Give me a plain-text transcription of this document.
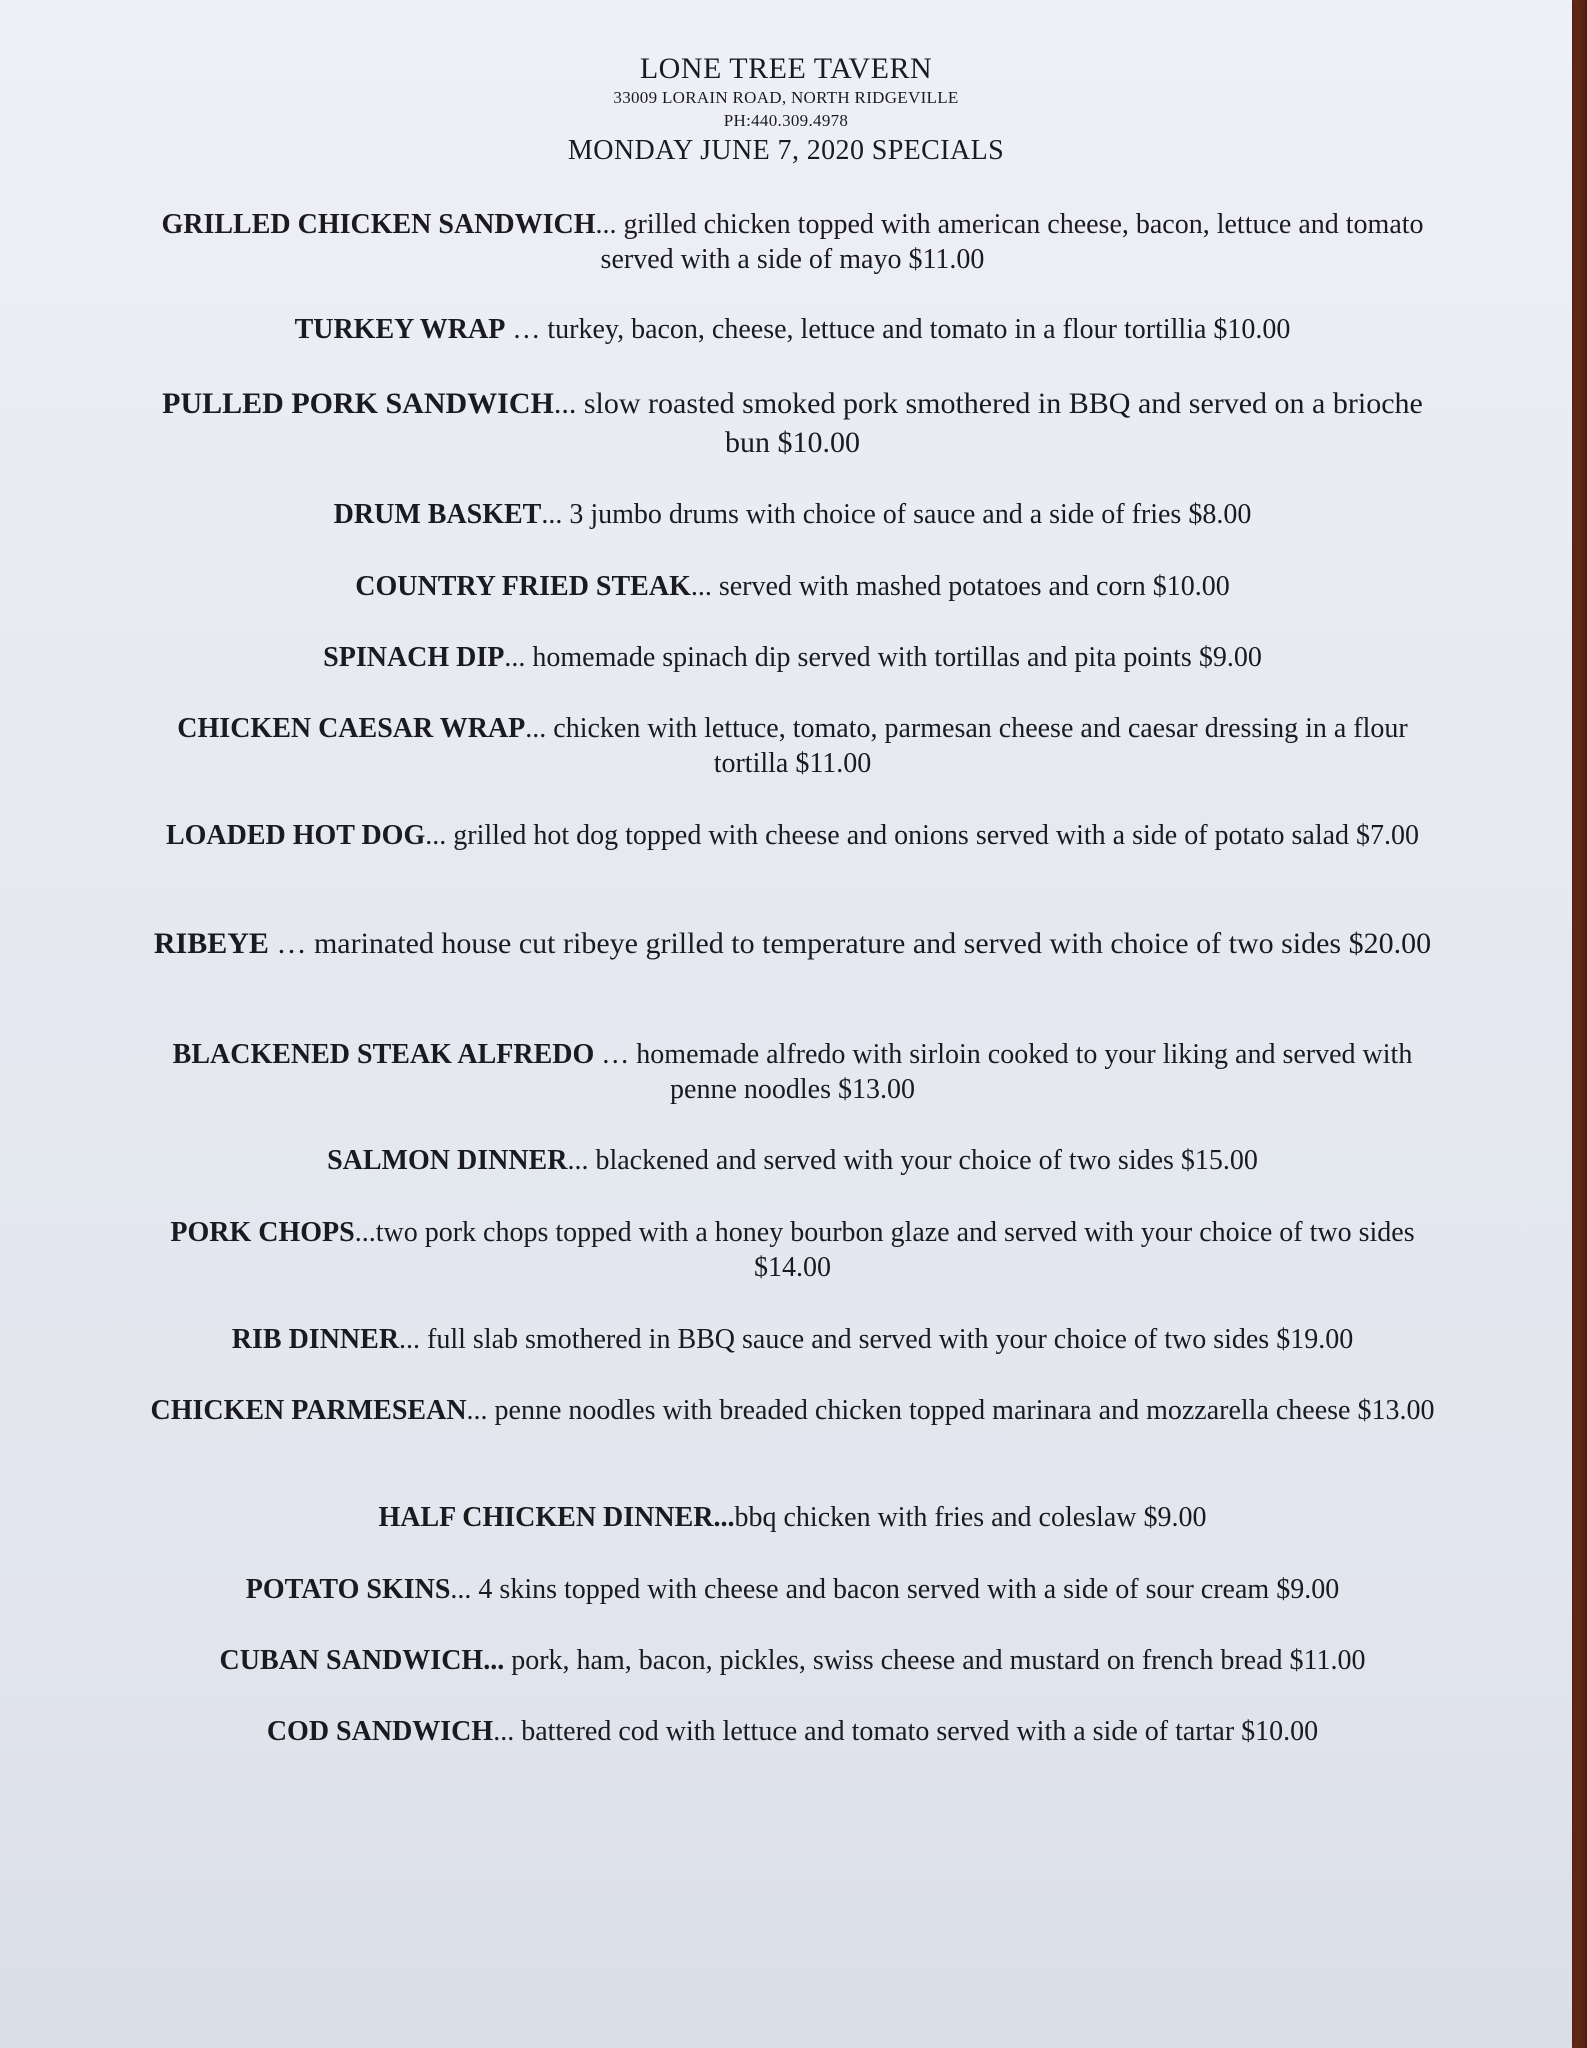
LONE TREE TAVERN
33009 LORAIN ROAD, NORTH RIDGEVILLE
PH:440.309.4978
MONDAY JUNE 7, 2020 SPECIALS
GRILLED CHICKEN SANDWICH... grilled chicken topped with american cheese, bacon, lettuce and tomato served with a side of mayo $11.00
TURKEY WRAP … turkey, bacon, cheese, lettuce and tomato in a flour tortillia $10.00
PULLED PORK SANDWICH... slow roasted smoked pork smothered in BBQ and served on a brioche bun $10.00
DRUM BASKET... 3 jumbo drums with choice of sauce and a side of fries $8.00
COUNTRY FRIED STEAK... served with mashed potatoes and corn $10.00
SPINACH DIP... homemade spinach dip served with tortillas and pita points $9.00
CHICKEN CAESAR WRAP... chicken with lettuce, tomato, parmesan cheese and caesar dressing in a flour tortilla $11.00
LOADED HOT DOG... grilled hot dog topped with cheese and onions served with a side of potato salad $7.00
RIBEYE … marinated house cut ribeye grilled to temperature and served with choice of two sides $20.00
BLACKENED STEAK ALFREDO … homemade alfredo with sirloin cooked to your liking and served with penne noodles $13.00
SALMON DINNER... blackened and served with your choice of two sides $15.00
PORK CHOPS...two pork chops topped with a honey bourbon glaze and served with your choice of two sides $14.00
RIB DINNER... full slab smothered in BBQ sauce and served with your choice of two sides $19.00
CHICKEN PARMESEAN... penne noodles with breaded chicken topped marinara and mozzarella cheese $13.00
HALF CHICKEN DINNER...bbq chicken with fries and coleslaw $9.00
POTATO SKINS... 4 skins topped with cheese and bacon served with a side of sour cream $9.00
CUBAN SANDWICH... pork, ham, bacon, pickles, swiss cheese and mustard on french bread $11.00
COD SANDWICH... battered cod with lettuce and tomato served with a side of tartar $10.00
